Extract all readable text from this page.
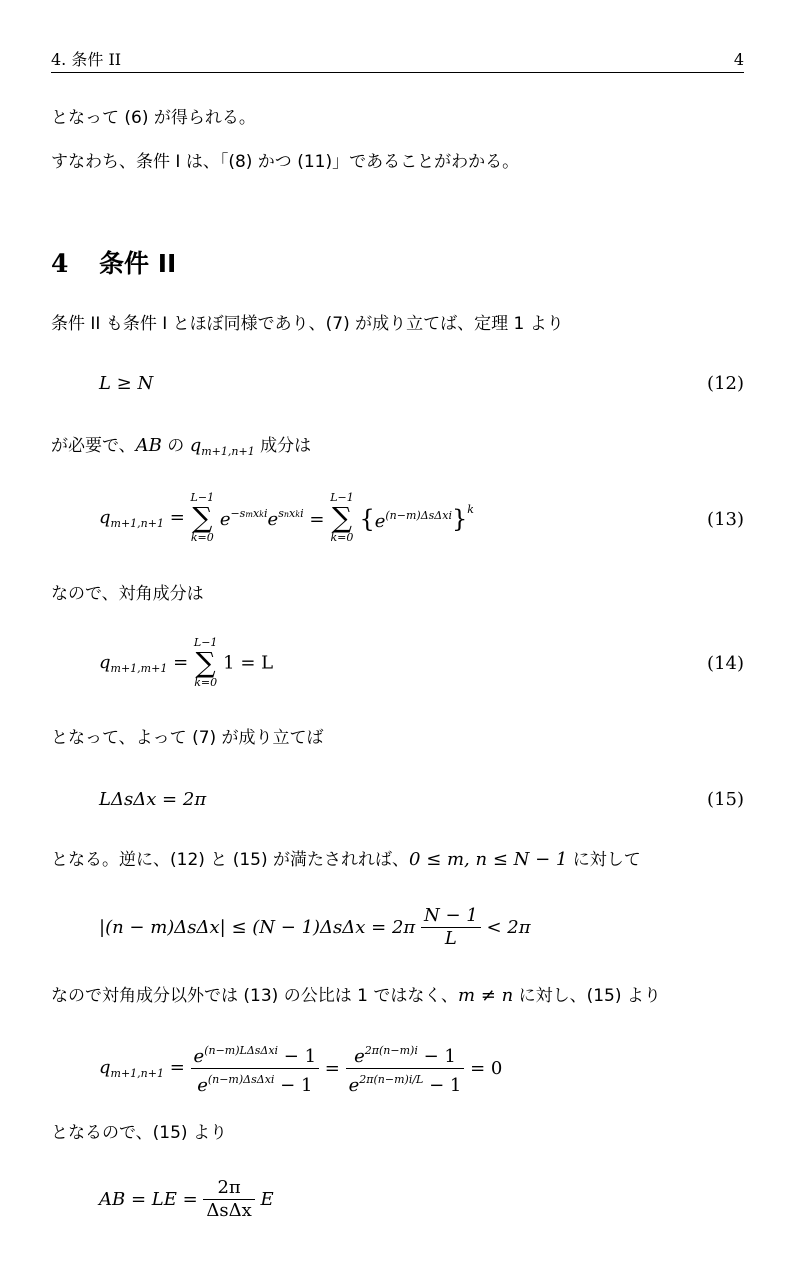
4. 条件 II	4
となって (6) が得られる。
すなわち、条件 I は、「(8) かつ (11)」であることがわかる。
4 条件 II
条件 II も条件 I とほぼ同様であり、(7) が成り立てば、定理 1 より
L ≥ N	(12)
が必要で、AB の $q_{m+1,n+1}$ 成分は
$q_{m+1,n+1}$ =
L−1
∑
k=0
$e^{-smxki}e^{snxki}$ =
L−1
∑
k=0
$\{e^{(n-m)\Delta s\Delta xi}\}^k$	(13)
なので、対角成分は
$q_{m+1,m+1}$ =
L−1
∑
k=0
1 = L	(14)
となって、よって (7) が成り立てば
LΔsΔx = 2π	(15)
となる。逆に、(12) と (15) が満たされれば、0 ≤ m, n ≤ N − 1 に対して
$|(n - m)\Delta s\Delta x| \le (N - 1)\Delta s\Delta x = 2\pi \frac{N - 1}{L} < 2\pi$
なので対角成分以外では (13) の公比は 1 ではなく、m ≠ n に対し、(15) より
$q_{m+1,n+1} = \frac{e^{(n-m)L\Delta s\Delta xi} - 1}{e^{(n-m)\Delta s\Delta xi} - 1} = \frac{e^{2\pi(n-m)i} - 1}{e^{2\pi(n-m)i/L} - 1} = 0$
となるので、(15) より
AB = LE = $\frac{2\pi}{\text{ΔsΔx}}$ E
